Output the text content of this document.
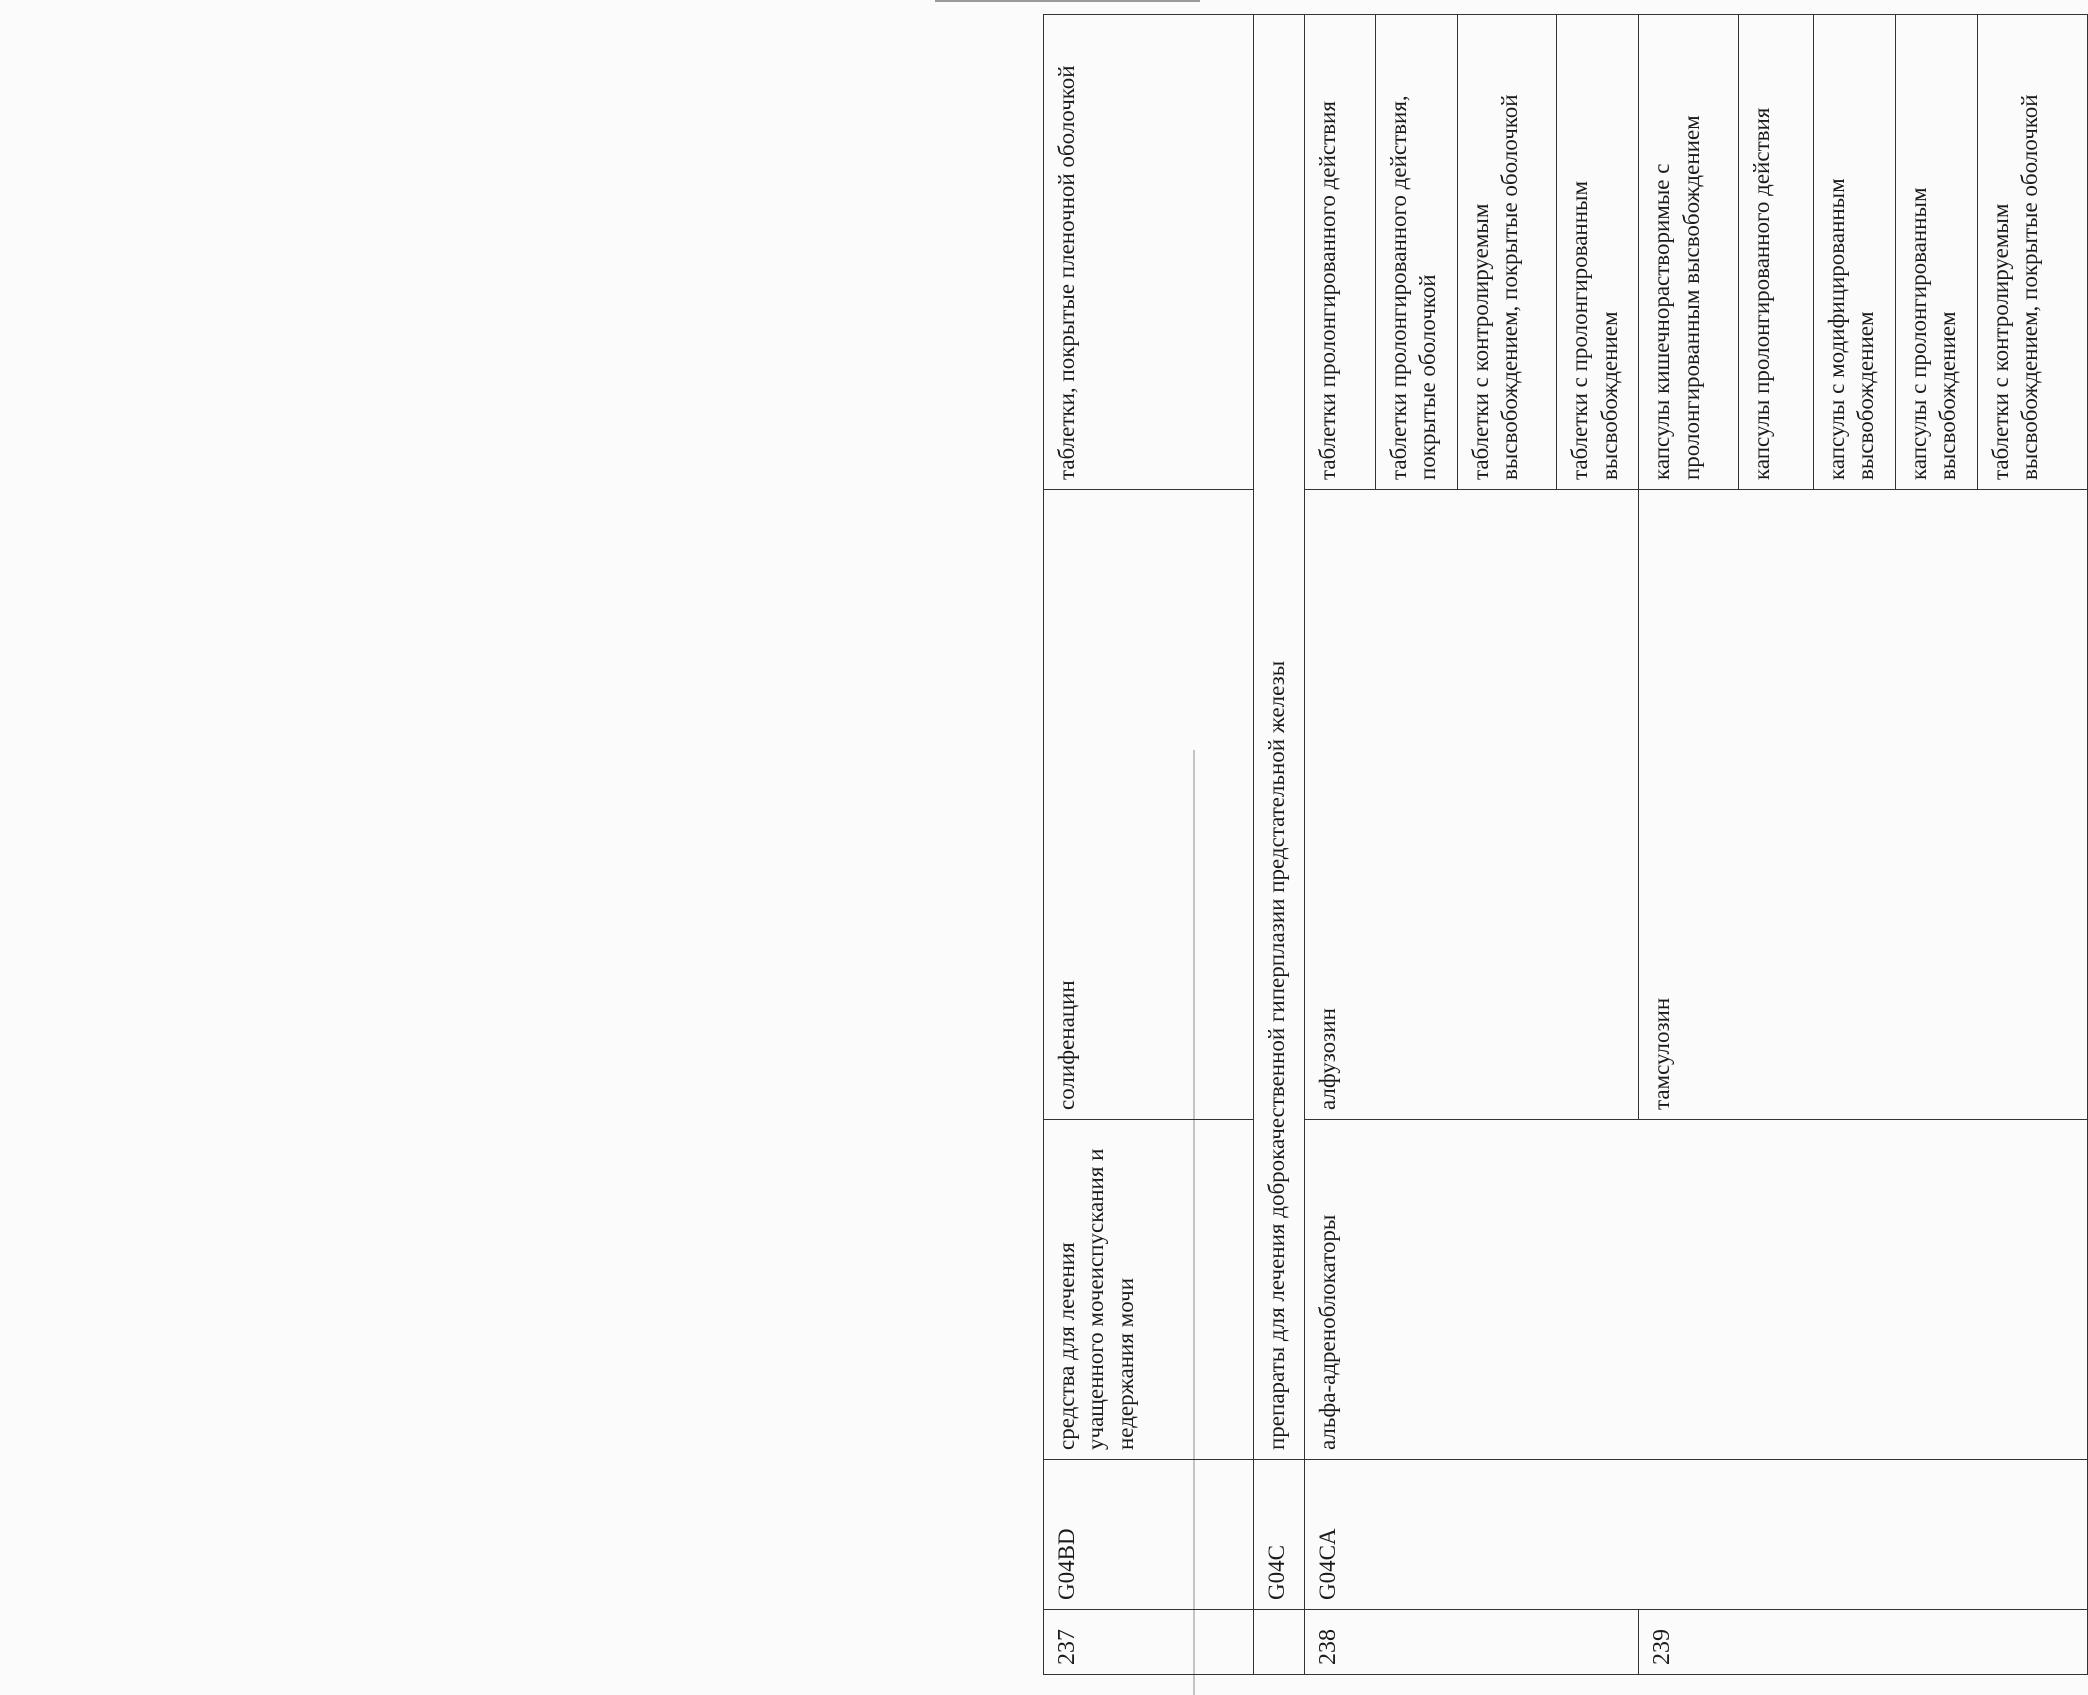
237	G04BD	средства для лечения учащенного мочеиспускания и недержания мочи	солифенацин	таблетки, покрытые пленочной оболочкой
	G04C	препараты для лечения доброкачественной гиперплазии предстательной железы		
238	G04CA	альфа-адреноблокаторы	алфузозин	таблетки пролонгированного действия
				таблетки пролонгированного действия, покрытые оболочкой
				таблетки с контролируемым высвобождением, покрытые оболочкой
				таблетки с пролонгированным высвобождением
239			тамсулозин	капсулы кишечнорастворимые с пролонгированным высвобождением
				капсулы пролонгированного действия
				капсулы с модифицированным высвобождением
				капсулы с пролонгированным высвобождением
				таблетки с контролируемым высвобождением, покрытые оболочкой
